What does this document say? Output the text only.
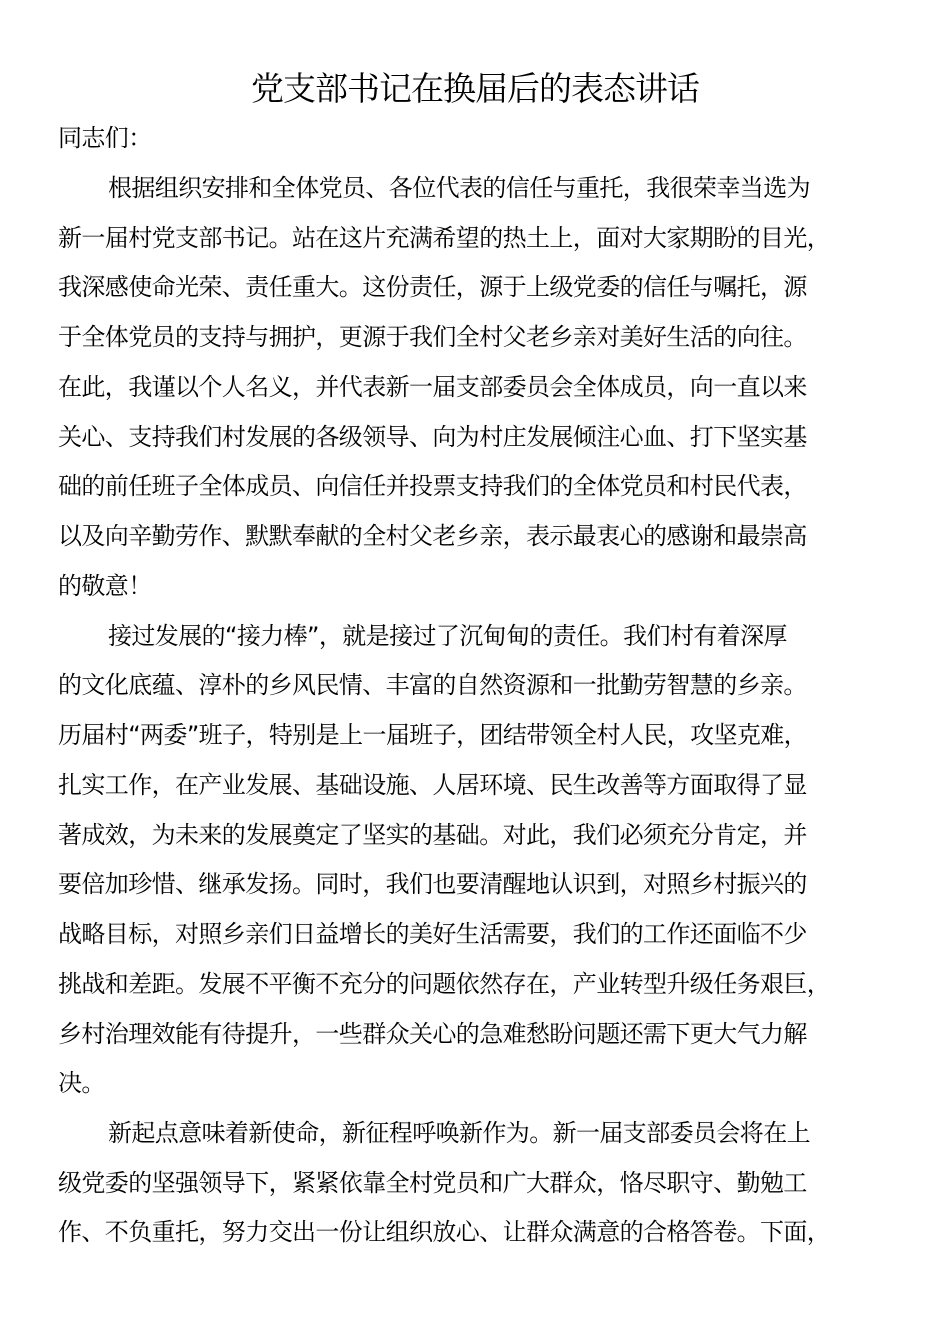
党支部书记在换届后的表态讲话
同志们：
根据组织安排和全体党员、各位代表的信任与重托，我很荣幸当选为
新一届村党支部书记。站在这片充满希望的热土上，面对大家期盼的目光，
我深感使命光荣、责任重大。这份责任，源于上级党委的信任与嘱托，源
于全体党员的支持与拥护，更源于我们全村父老乡亲对美好生活的向往。
在此，我谨以个人名义，并代表新一届支部委员会全体成员，向一直以来
关心、支持我们村发展的各级领导、向为村庄发展倾注心血、打下坚实基
础的前任班子全体成员、向信任并投票支持我们的全体党员和村民代表，
以及向辛勤劳作、默默奉献的全村父老乡亲，表示最衷心的感谢和最崇高
的敬意！
接过发展的“接力棒”，就是接过了沉甸甸的责任。我们村有着深厚
的文化底蕴、淳朴的乡风民情、丰富的自然资源和一批勤劳智慧的乡亲。
历届村“两委”班子，特别是上一届班子，团结带领全村人民，攻坚克难，
扎实工作，在产业发展、基础设施、人居环境、民生改善等方面取得了显
著成效，为未来的发展奠定了坚实的基础。对此，我们必须充分肯定，并
要倍加珍惜、继承发扬。同时，我们也要清醒地认识到，对照乡村振兴的
战略目标，对照乡亲们日益增长的美好生活需要，我们的工作还面临不少
挑战和差距。发展不平衡不充分的问题依然存在，产业转型升级任务艰巨，
乡村治理效能有待提升，一些群众关心的急难愁盼问题还需下更大气力解
决。
新起点意味着新使命，新征程呼唤新作为。新一届支部委员会将在上
级党委的坚强领导下，紧紧依靠全村党员和广大群众，恪尽职守、勤勉工
作、不负重托，努力交出一份让组织放心、让群众满意的合格答卷。下面，
